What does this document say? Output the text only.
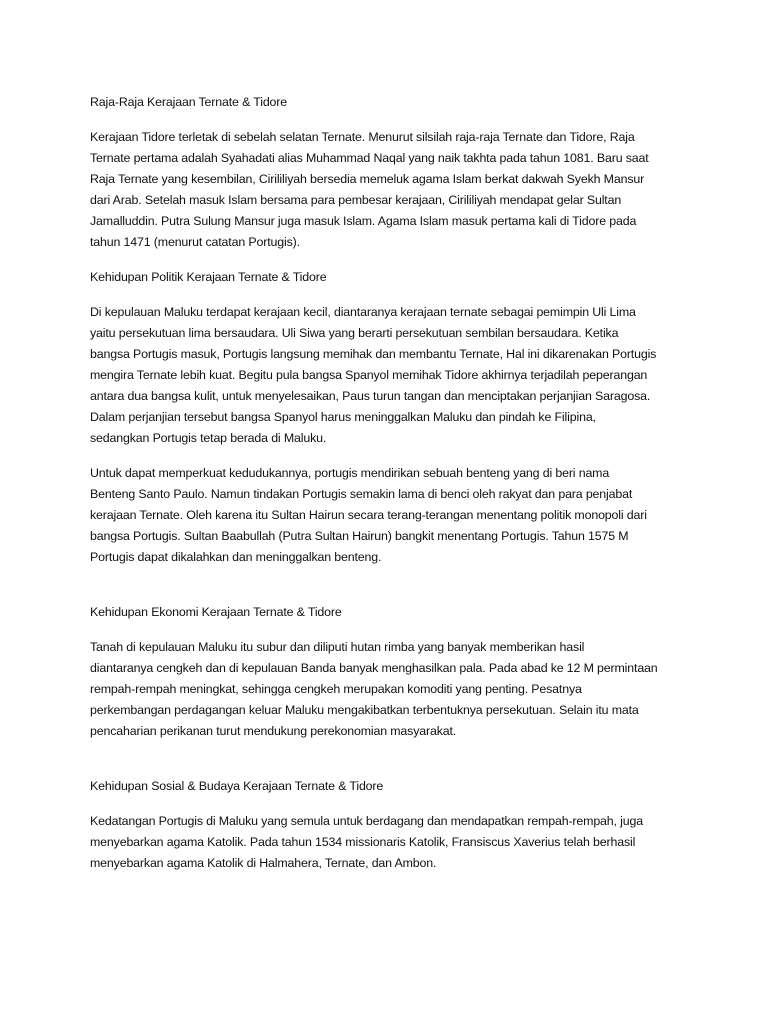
Raja-Raja Kerajaan Ternate & Tidore

Kerajaan Tidore terletak di sebelah selatan Ternate. Menurut silsilah raja-raja Ternate dan Tidore, Raja

Ternate pertama adalah Syahadati alias Muhammad Naqal yang naik takhta pada tahun 1081. Baru saat

Raja Ternate yang kesembilan, Cirililiyah bersedia memeluk agama Islam berkat dakwah Syekh Mansur

dari Arab. Setelah masuk Islam bersama para pembesar kerajaan, Cirililiyah mendapat gelar Sultan

Jamalluddin. Putra Sulung Mansur juga masuk Islam. Agama Islam masuk pertama kali di Tidore pada

tahun 1471 (menurut catatan Portugis).

Kehidupan Politik Kerajaan Ternate & Tidore

Di kepulauan Maluku terdapat kerajaan kecil, diantaranya kerajaan ternate sebagai pemimpin Uli Lima

yaitu persekutuan lima bersaudara. Uli Siwa yang berarti persekutuan sembilan bersaudara. Ketika

bangsa Portugis masuk, Portugis langsung memihak dan membantu Ternate, Hal ini dikarenakan Portugis

mengira Ternate lebih kuat. Begitu pula bangsa Spanyol memihak Tidore akhirnya terjadilah peperangan

antara dua bangsa kulit, untuk menyelesaikan, Paus turun tangan dan menciptakan perjanjian Saragosa.

Dalam perjanjian tersebut bangsa Spanyol harus meninggalkan Maluku dan pindah ke Filipina,

sedangkan Portugis tetap berada di Maluku.

Untuk dapat memperkuat kedudukannya, portugis mendirikan sebuah benteng yang di beri nama

Benteng Santo Paulo. Namun tindakan Portugis semakin lama di benci oleh rakyat dan para penjabat

kerajaan Ternate. Oleh karena itu Sultan Hairun secara terang-terangan menentang politik monopoli dari

bangsa Portugis. Sultan Baabullah (Putra Sultan Hairun) bangkit menentang Portugis. Tahun 1575 M

Portugis dapat dikalahkan dan meninggalkan benteng.

Kehidupan Ekonomi Kerajaan Ternate & Tidore

Tanah di kepulauan Maluku itu subur dan diliputi hutan rimba yang banyak memberikan hasil

diantaranya cengkeh dan di kepulauan Banda banyak menghasilkan pala. Pada abad ke 12 M permintaan

rempah-rempah meningkat, sehingga cengkeh merupakan komoditi yang penting. Pesatnya

perkembangan perdagangan keluar Maluku mengakibatkan terbentuknya persekutuan. Selain itu mata

pencaharian perikanan turut mendukung perekonomian masyarakat.

Kehidupan Sosial & Budaya Kerajaan Ternate & Tidore

Kedatangan Portugis di Maluku yang semula untuk berdagang dan mendapatkan rempah-rempah, juga

menyebarkan agama Katolik. Pada tahun 1534 missionaris Katolik, Fransiscus Xaverius telah berhasil

menyebarkan agama Katolik di Halmahera, Ternate, dan Ambon.
